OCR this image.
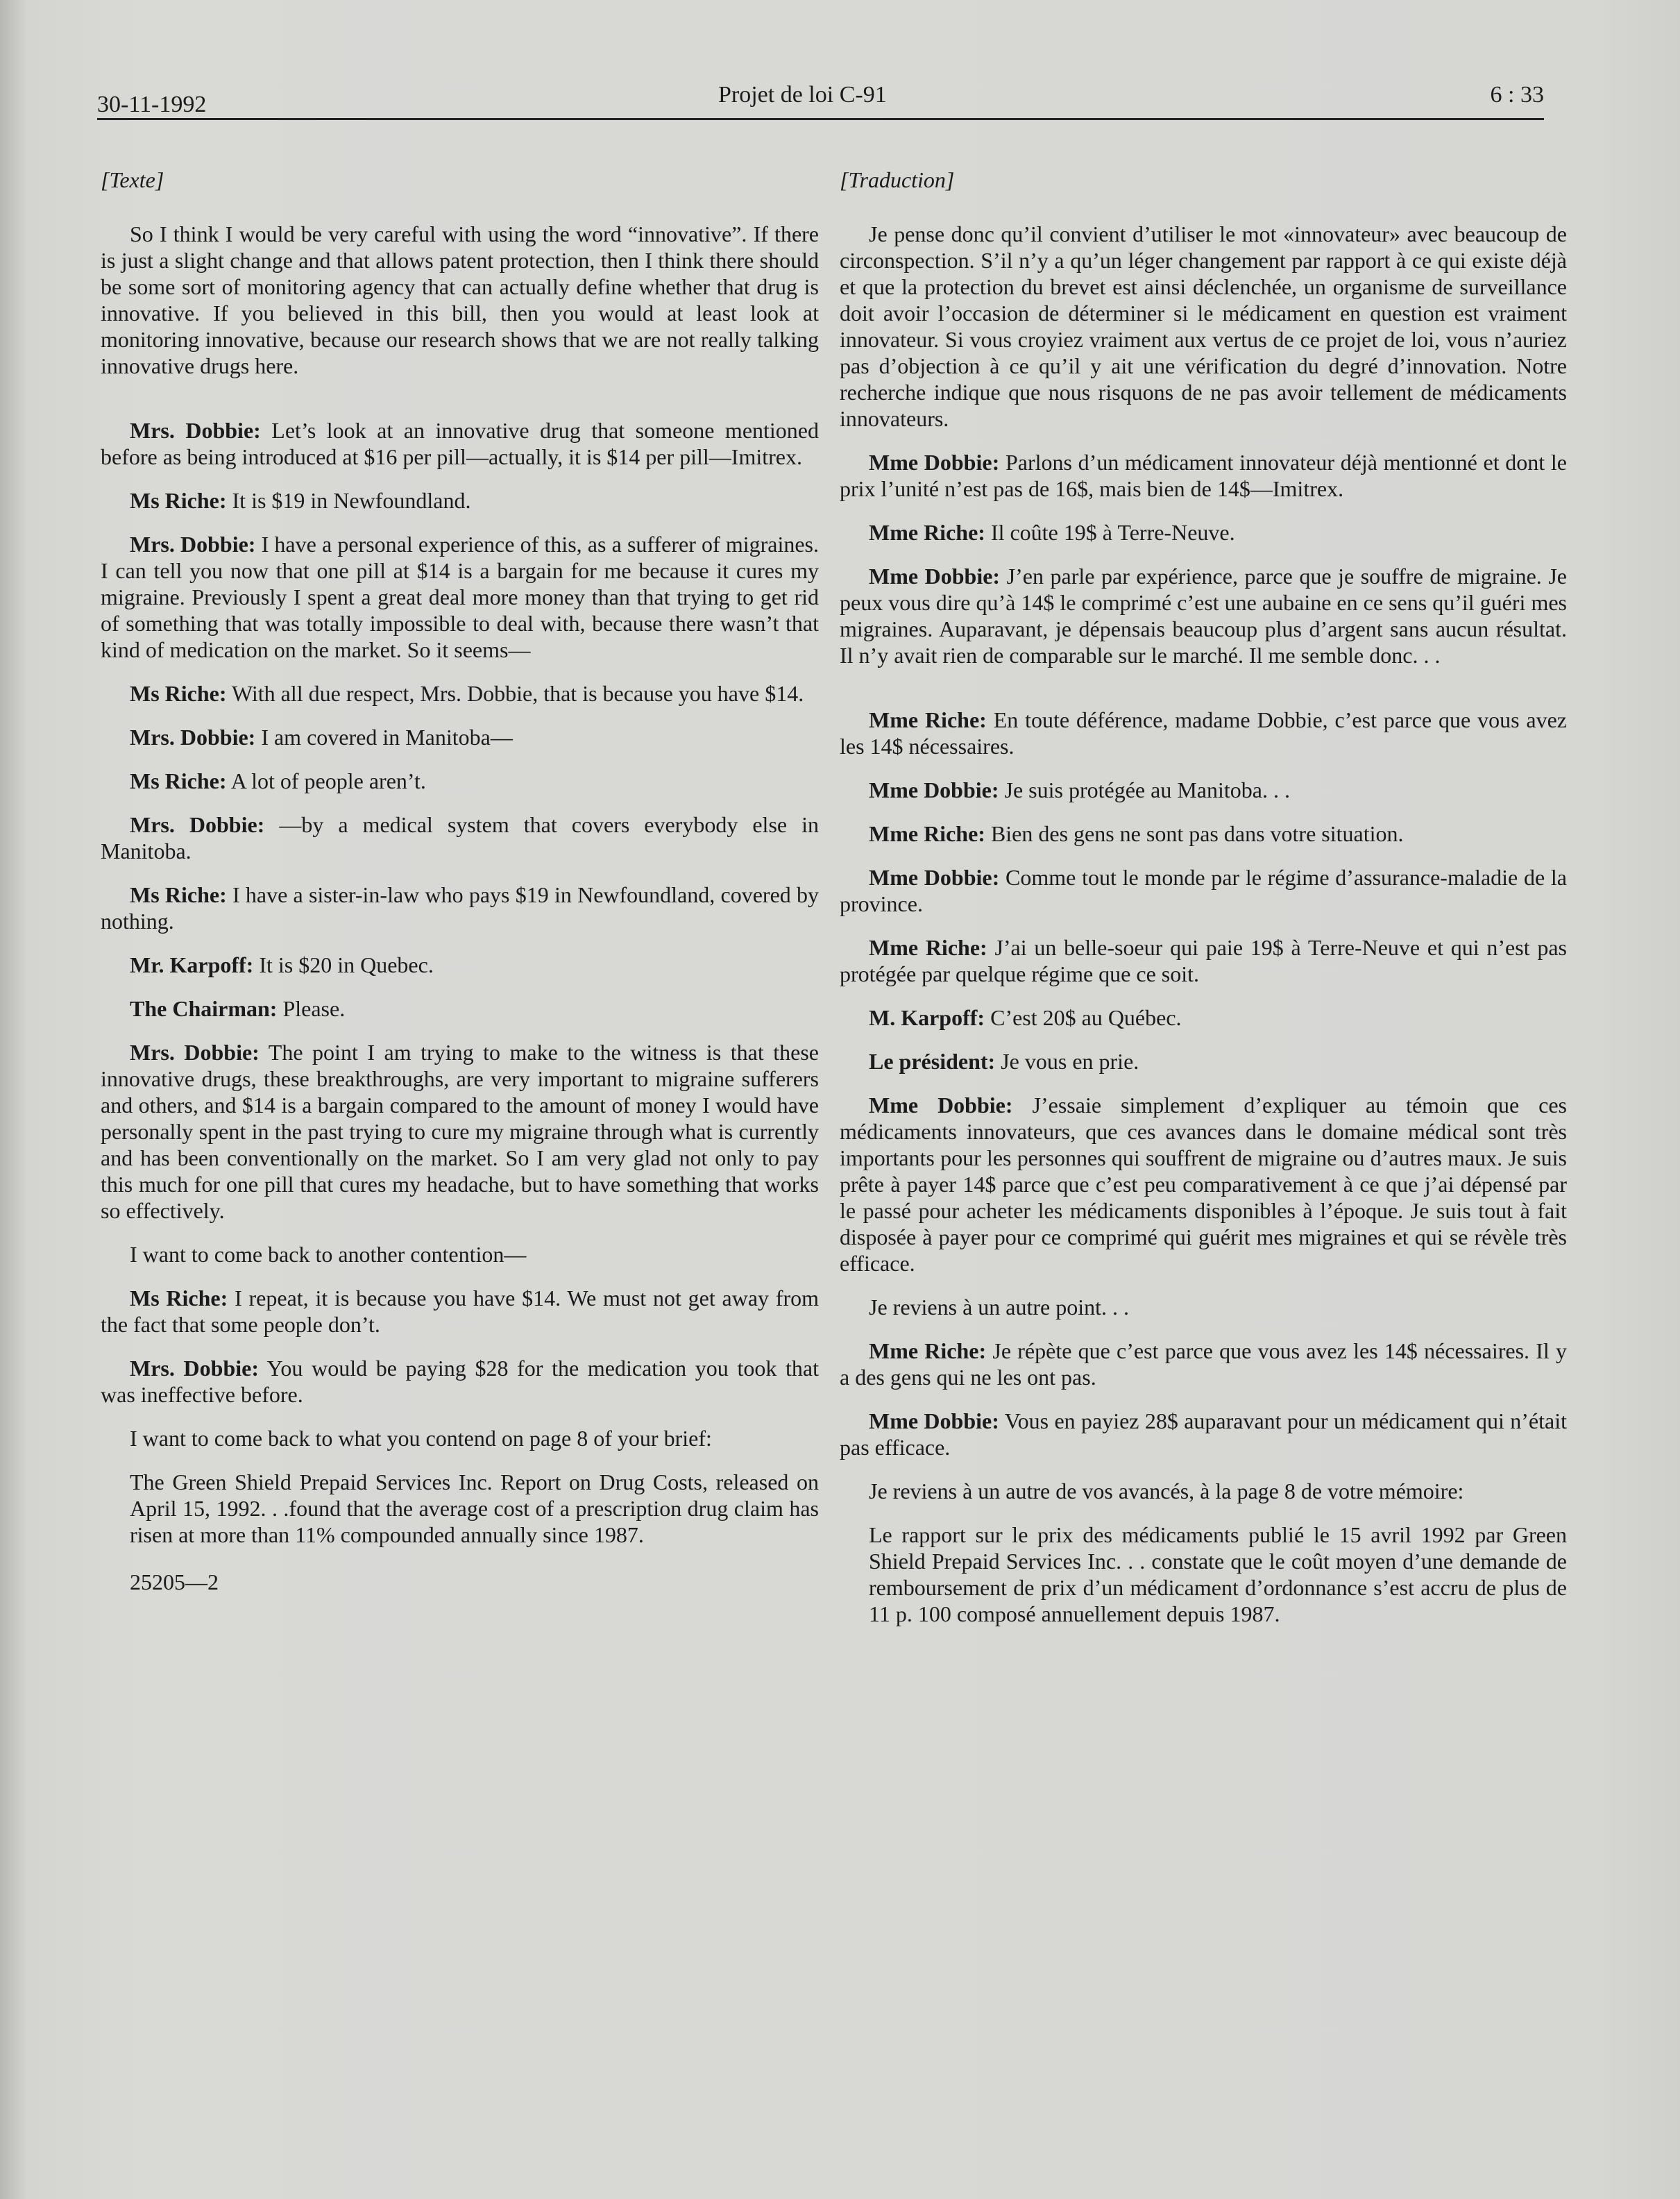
30-11-1992	Projet de loi C-91	6 : 33

[Texte]

So I think I would be very careful with using the word “innovative”. If there is just a slight change and that allows patent protection, then I think there should be some sort of monitoring agency that can actually define whether that drug is innovative. If you believed in this bill, then you would at least look at monitoring innovative, because our research shows that we are not really talking innovative drugs here.

Mrs. Dobbie: Let’s look at an innovative drug that someone mentioned before as being introduced at $16 per pill—actually, it is $14 per pill—Imitrex.

Ms Riche: It is $19 in Newfoundland.

Mrs. Dobbie: I have a personal experience of this, as a sufferer of migraines. I can tell you now that one pill at $14 is a bargain for me because it cures my migraine. Previously I spent a great deal more money than that trying to get rid of something that was totally impossible to deal with, because there wasn’t that kind of medication on the market. So it seems—

Ms Riche: With all due respect, Mrs. Dobbie, that is because you have $14.

Mrs. Dobbie: I am covered in Manitoba—

Ms Riche: A lot of people aren’t.

Mrs. Dobbie: —by a medical system that covers everybody else in Manitoba.

Ms Riche: I have a sister-in-law who pays $19 in Newfoundland, covered by nothing.

Mr. Karpoff: It is $20 in Quebec.

The Chairman: Please.

Mrs. Dobbie: The point I am trying to make to the witness is that these innovative drugs, these breakthroughs, are very important to migraine sufferers and others, and $14 is a bargain compared to the amount of money I would have personally spent in the past trying to cure my migraine through what is currently and has been conventionally on the market. So I am very glad not only to pay this much for one pill that cures my headache, but to have something that works so effectively.

I want to come back to another contention—

Ms Riche: I repeat, it is because you have $14. We must not get away from the fact that some people don’t.

Mrs. Dobbie: You would be paying $28 for the medication you took that was ineffective before.

I want to come back to what you contend on page 8 of your brief:

The Green Shield Prepaid Services Inc. Report on Drug Costs, released on April 15, 1992. . .found that the average cost of a prescription drug claim has risen at more than 11% compounded annually since 1987.

25205—2

[Traduction]

Je pense donc qu’il convient d’utiliser le mot «innovateur» avec beaucoup de circonspection. S’il n’y a qu’un léger changement par rapport à ce qui existe déjà et que la protection du brevet est ainsi déclenchée, un organisme de surveillance doit avoir l’occasion de déterminer si le médicament en question est vraiment innovateur. Si vous croyiez vraiment aux vertus de ce projet de loi, vous n’auriez pas d’objection à ce qu’il y ait une vérification du degré d’innovation. Notre recherche indique que nous risquons de ne pas avoir tellement de médicaments innovateurs.

Mme Dobbie: Parlons d’un médicament innovateur déjà mentionné et dont le prix l’unité n’est pas de 16$, mais bien de 14$—Imitrex.

Mme Riche: Il coûte 19$ à Terre-Neuve.

Mme Dobbie: J’en parle par expérience, parce que je souffre de migraine. Je peux vous dire qu’à 14$ le comprimé c’est une aubaine en ce sens qu’il guéri mes migraines. Auparavant, je dépensais beaucoup plus d’argent sans aucun résultat. Il n’y avait rien de comparable sur le marché. Il me semble donc. . .

Mme Riche: En toute déférence, madame Dobbie, c’est parce que vous avez les 14$ nécessaires.

Mme Dobbie: Je suis protégée au Manitoba. . .

Mme Riche: Bien des gens ne sont pas dans votre situation.

Mme Dobbie: Comme tout le monde par le régime d’assurance-maladie de la province.

Mme Riche: J’ai un belle-soeur qui paie 19$ à Terre-Neuve et qui n’est pas protégée par quelque régime que ce soit.

M. Karpoff: C’est 20$ au Québec.

Le président: Je vous en prie.

Mme Dobbie: J’essaie simplement d’expliquer au témoin que ces médicaments innovateurs, que ces avances dans le domaine médical sont très importants pour les personnes qui souffrent de migraine ou d’autres maux. Je suis prête à payer 14$ parce que c’est peu comparativement à ce que j’ai dépensé par le passé pour acheter les médicaments disponibles à l’époque. Je suis tout à fait disposée à payer pour ce comprimé qui guérit mes migraines et qui se révèle très efficace.

Je reviens à un autre point. . .

Mme Riche: Je répète que c’est parce que vous avez les 14$ nécessaires. Il y a des gens qui ne les ont pas.

Mme Dobbie: Vous en payiez 28$ auparavant pour un médicament qui n’était pas efficace.

Je reviens à un autre de vos avancés, à la page 8 de votre mémoire:

Le rapport sur le prix des médicaments publié le 15 avril 1992 par Green Shield Prepaid Services Inc. . . constate que le coût moyen d’une demande de remboursement de prix d’un médicament d’ordonnance s’est accru de plus de 11 p. 100 composé annuellement depuis 1987.
